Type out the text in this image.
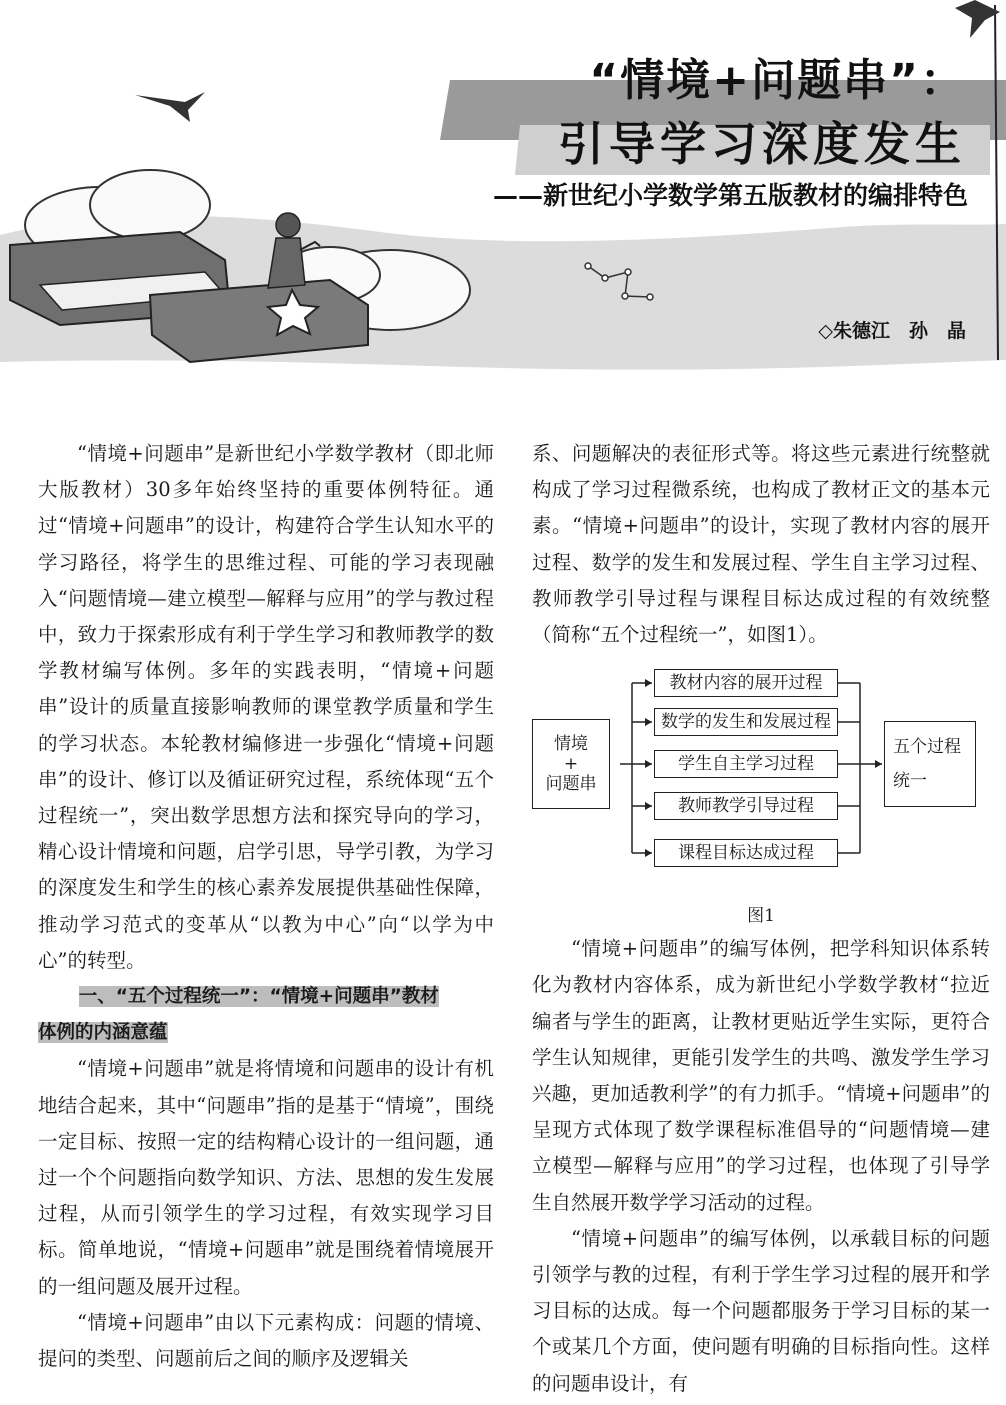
“情境+问题串”：
引导学习深度发生
——新世纪小学数学第五版教材的编排特色
◇朱德江　孙　晶

“情境+问题串”是新世纪小学数学教材（即北师大版教材）30多年始终坚持的重要体例特征。通过“情境+问题串”的设计，构建符合学生认知水平的学习路径，将学生的思维过程、可能的学习表现融入“问题情境—建立模型—解释与应用”的学与教过程中，致力于探索形成有利于学生学习和教师教学的数学教材编写体例。多年的实践表明，“情境+问题串”设计的质量直接影响教师的课堂教学质量和学生的学习状态。本轮教材编修进一步强化“情境+问题串”的设计、修订以及循证研究过程，系统体现“五个过程统一”，突出数学思想方法和探究导向的学习，精心设计情境和问题，启学引思，导学引教，为学习的深度发生和学生的核心素养发展提供基础性保障，推动学习范式的变革从“以教为中心”向“以学为中心”的转型。

一、“五个过程统一”：“情境+问题串”教材

体例的内涵意蕴

“情境+问题串”就是将情境和问题串的设计有机地结合起来，其中“问题串”指的是基于“情境”，围绕一定目标、按照一定的结构精心设计的一组问题，通过一个个问题指向数学知识、方法、思想的发生发展过程，从而引领学生的学习过程，有效实现学习目标。简单地说，“情境+问题串”就是围绕着情境展开的一组问题及展开过程。

“情境+问题串”由以下元素构成：问题的情境、提问的类型、问题前后之间的顺序及逻辑关

系、问题解决的表征形式等。将这些元素进行统整就构成了学习过程微系统，也构成了教材正文的基本元素。“情境+问题串”的设计，实现了教材内容的展开过程、数学的发生和发展过程、学生自主学习过程、教师教学引导过程与课程目标达成过程的有效统整（简称“五个过程统一”，如图1）。

情境
+
问题串
教材内容的展开过程
数学的发生和发展过程
学生自主学习过程
教师教学引导过程
课程目标达成过程
五个过程
统一

图1

“情境+问题串”的编写体例，把学科知识体系转化为教材内容体系，成为新世纪小学数学教材“拉近编者与学生的距离，让教材更贴近学生实际，更符合学生认知规律，更能引发学生的共鸣、激发学生学习兴趣，更加适教利学”的有力抓手。“情境+问题串”的呈现方式体现了数学课程标准倡导的“问题情境—建立模型—解释与应用”的学习过程，也体现了引导学生自然展开数学学习活动的过程。

“情境+问题串”的编写体例，以承载目标的问题引领学与教的过程，有利于学生学习过程的展开和学习目标的达成。每一个问题都服务于学习目标的某一个或某几个方面，使问题有明确的目标指向性。这样的问题串设计，有
